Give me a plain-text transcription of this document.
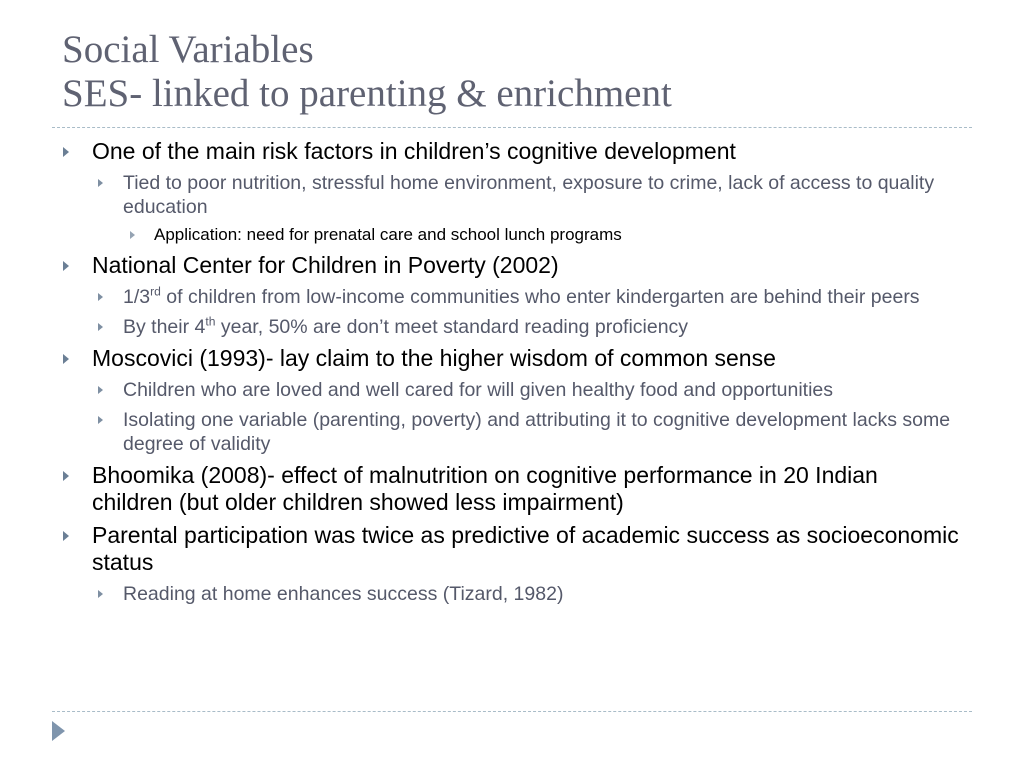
Social Variables
SES- linked to parenting & enrichment
One of the main risk factors in children’s cognitive development
Tied to poor nutrition, stressful home environment, exposure to crime, lack of access to quality education
Application: need for prenatal care and school lunch programs
National Center for Children in Poverty (2002)
1/3rd of children from low-income communities who enter kindergarten are behind their peers
By their 4th year, 50% are don’t meet standard reading proficiency
Moscovici (1993)- lay claim to the higher wisdom of common sense
Children who are loved and well cared for will given healthy food and opportunities
Isolating one variable (parenting, poverty) and attributing it to cognitive development lacks some degree of validity
Bhoomika (2008)- effect of malnutrition on cognitive performance in 20 Indian children (but older children showed less impairment)
Parental participation was twice as predictive of academic success as socioeconomic status
Reading at home enhances success (Tizard, 1982)
